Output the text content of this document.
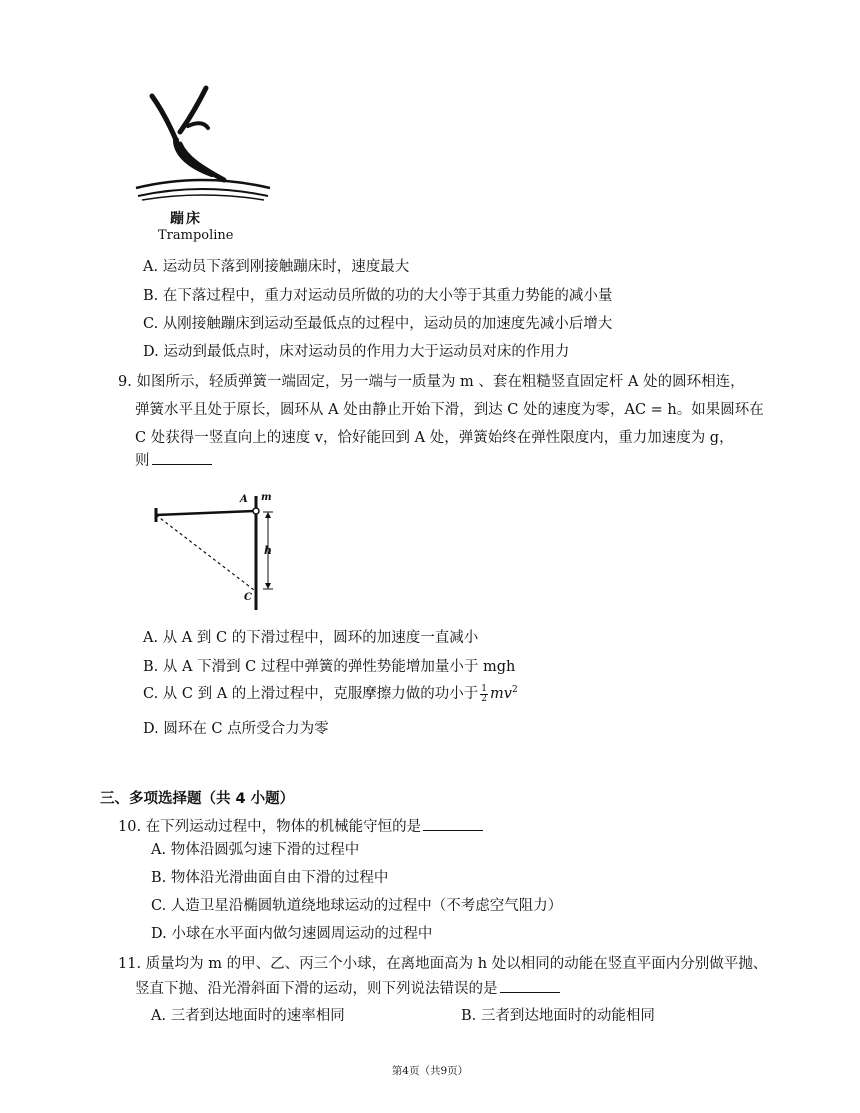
蹦床
Trampoline
A. 运动员下落到刚接触蹦床时，速度最大
B. 在下落过程中，重力对运动员所做的功的大小等于其重力势能的减小量
C. 从刚接触蹦床到运动至最低点的过程中，运动员的加速度先减小后增大
D. 运动到最低点时，床对运动员的作用力大于运动员对床的作用力
9. 如图所示，轻质弹簧一端固定，另一端与一质量为 m 、套在粗糙竖直固定杆 A 处的圆环相连，
弹簧水平且处于原长，圆环从 A 处由静止开始下滑，到达 C 处的速度为零，AC = h。如果圆环在
C 处获得一竖直向上的速度 v，恰好能回到 A 处，弹簧始终在弹性限度内，重力加速度为 g，
则
A m
h
C
A. 从 A 到 C 的下滑过程中，圆环的加速度一直减小
B. 从 A 下滑到 C 过程中弹簧的弹性势能增加量小于 mgh
C. 从 C 到 A 的上滑过程中，克服摩擦力做的功小于 $\frac{1}{2} mv^2$
D. 圆环在 C 点所受合力为零
三、多项选择题（共 4 小题）
10. 在下列运动过程中，物体的机械能守恒的是
A. 物体沿圆弧匀速下滑的过程中
B. 物体沿光滑曲面自由下滑的过程中
C. 人造卫星沿椭圆轨道绕地球运动的过程中（不考虑空气阻力）
D. 小球在水平面内做匀速圆周运动的过程中
11. 质量均为 m 的甲、乙、丙三个小球，在离地面高为 h 处以相同的动能在竖直平面内分别做平抛、
竖直下抛、沿光滑斜面下滑的运动，则下列说法错误的是
A. 三者到达地面时的速率相同	B. 三者到达地面时的动能相同
第4页（共9页）
